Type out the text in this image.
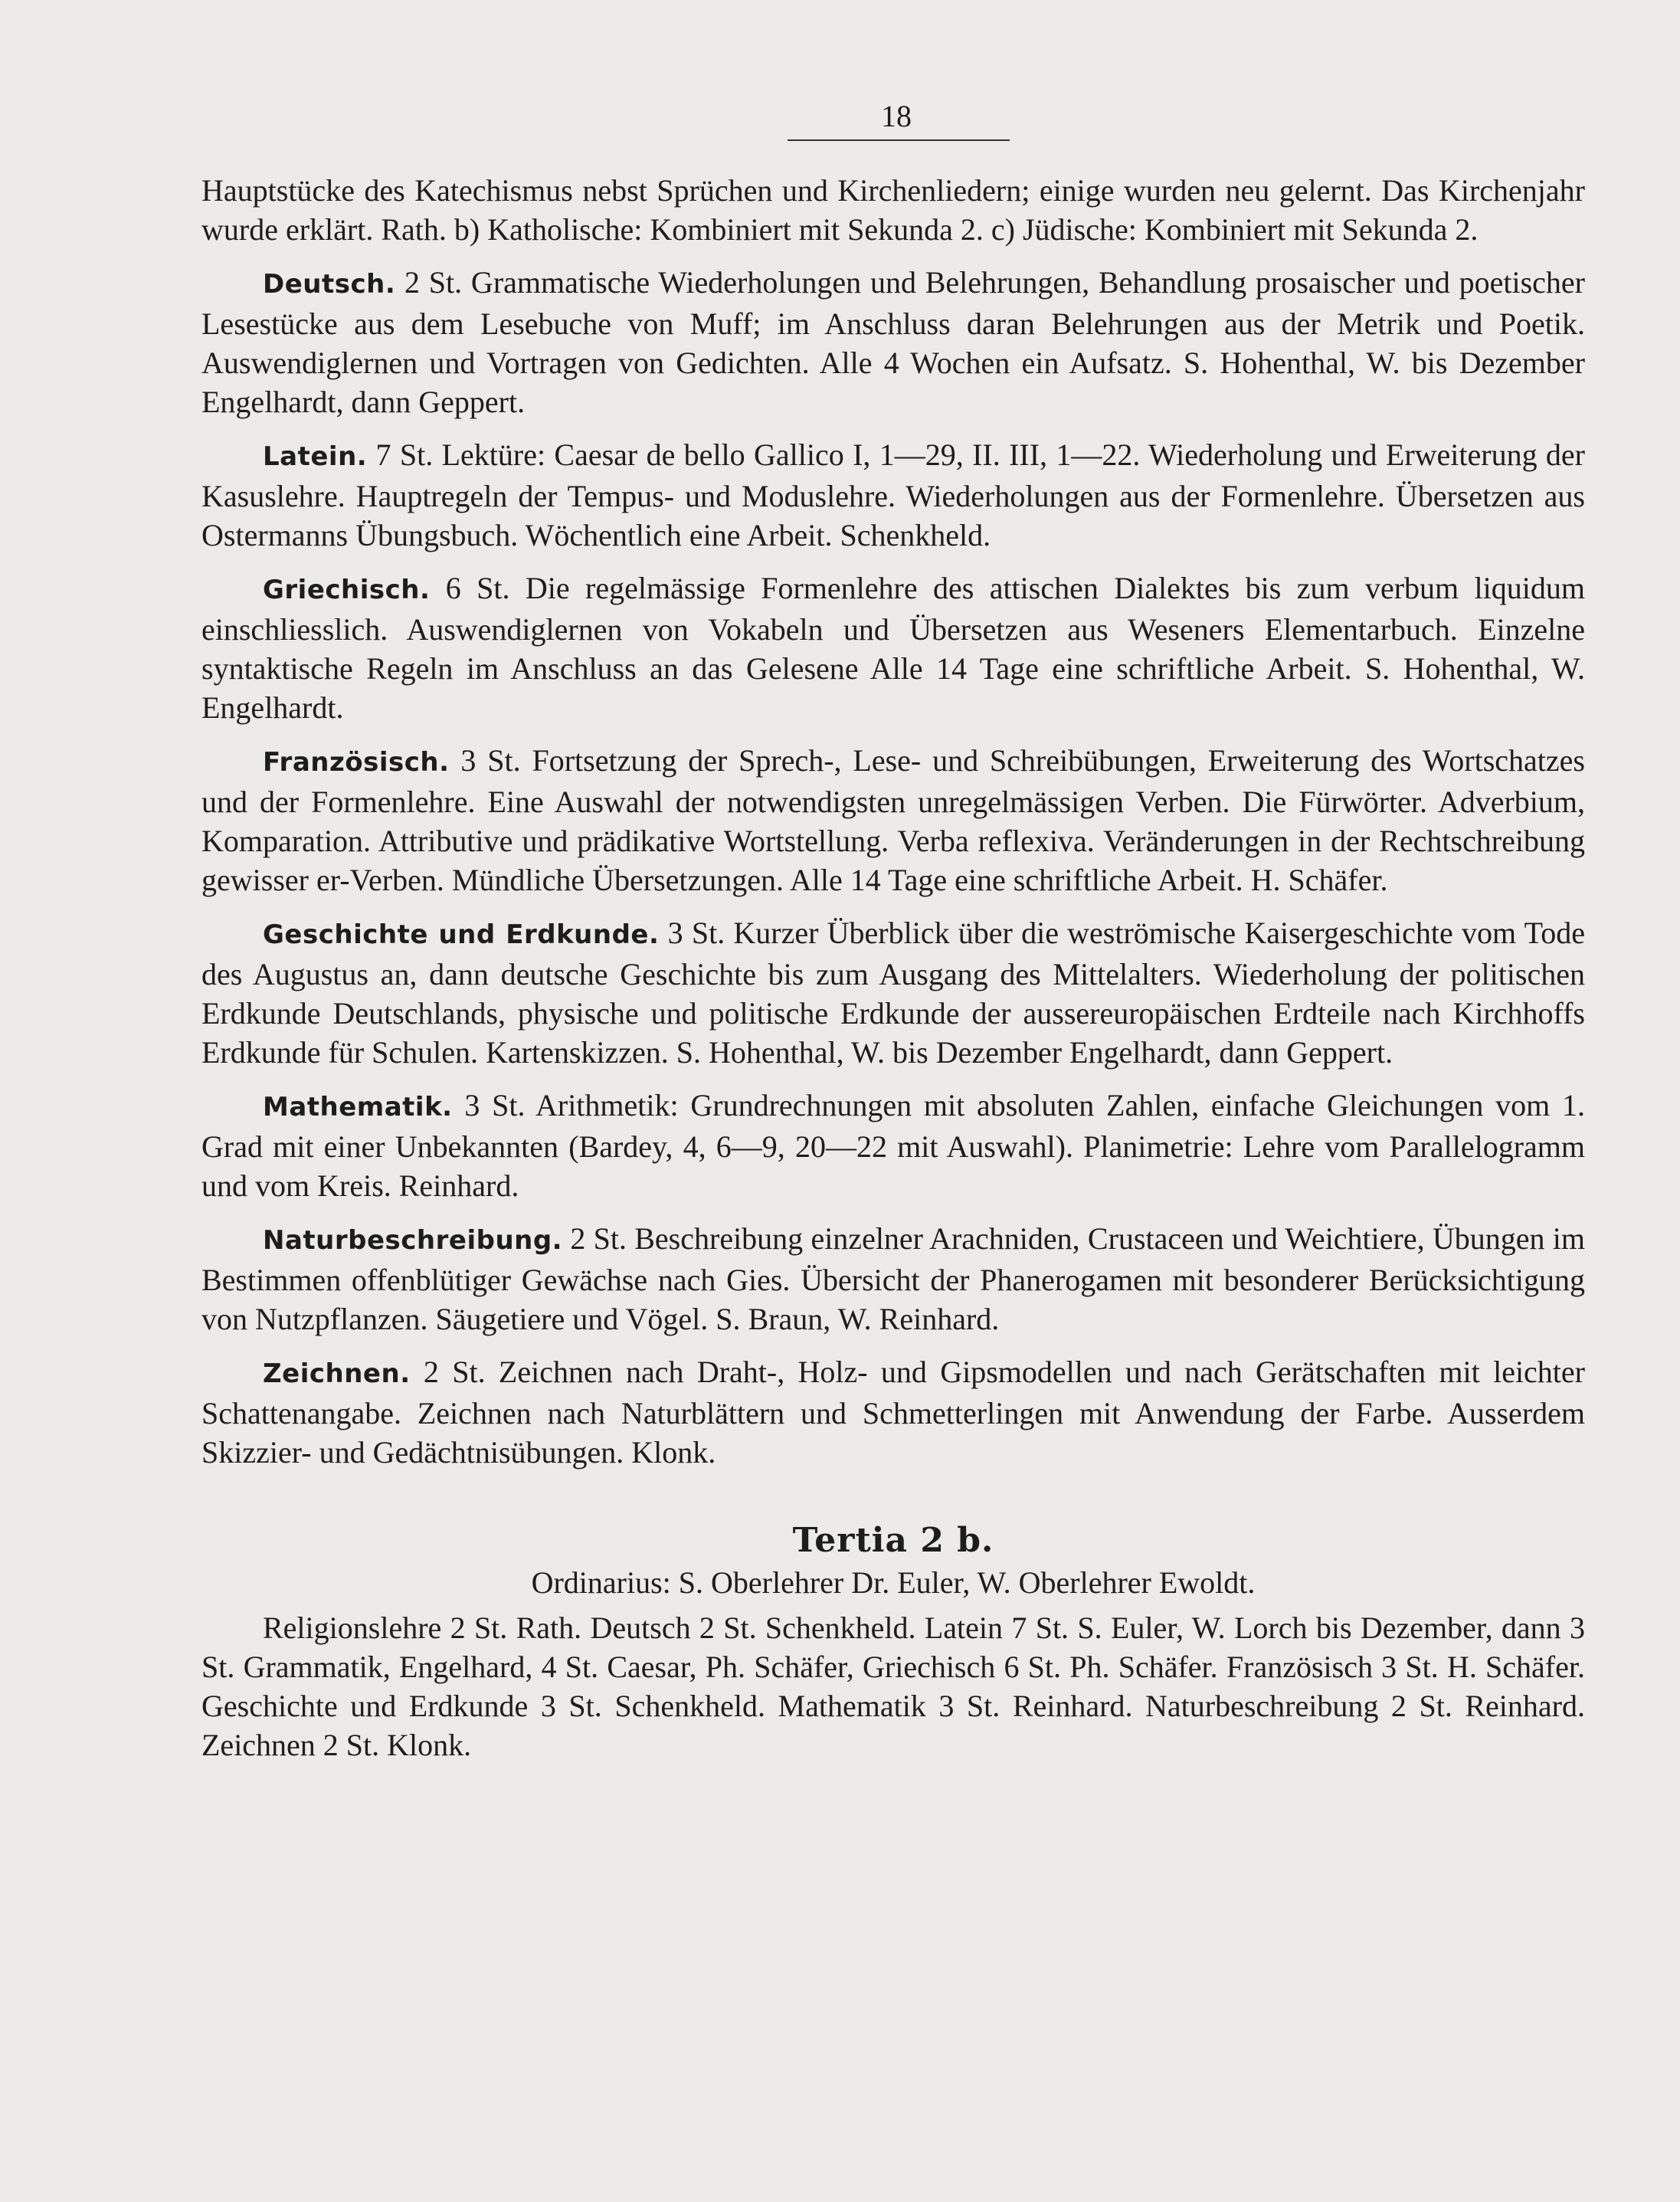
18

Hauptstücke des Katechismus nebst Sprüchen und Kirchenliedern; einige wurden neu gelernt. Das Kirchenjahr wurde erklärt. Rath. b) Katholische: Kombiniert mit Sekunda 2. c) Jüdische: Kombiniert mit Sekunda 2.

Deutsch. 2 St. Grammatische Wiederholungen und Belehrungen, Behandlung prosaischer und poetischer Lesestücke aus dem Lesebuche von Muff; im Anschluss daran Belehrungen aus der Metrik und Poetik. Auswendiglernen und Vortragen von Gedichten. Alle 4 Wochen ein Aufsatz. S. Hohenthal, W. bis Dezember Engelhardt, dann Geppert.

Latein. 7 St. Lektüre: Caesar de bello Gallico I, 1—29, II. III, 1—22. Wiederholung und Erweiterung der Kasuslehre. Hauptregeln der Tempus- und Moduslehre. Wiederholungen aus der Formenlehre. Übersetzen aus Ostermanns Übungsbuch. Wöchentlich eine Arbeit. Schenkheld.

Griechisch. 6 St. Die regelmässige Formenlehre des attischen Dialektes bis zum verbum liquidum einschliesslich. Auswendiglernen von Vokabeln und Übersetzen aus Weseners Elementarbuch. Einzelne syntaktische Regeln im Anschluss an das Gelesene Alle 14 Tage eine schriftliche Arbeit. S. Hohenthal, W. Engelhardt.

Französisch. 3 St. Fortsetzung der Sprech-, Lese- und Schreibübungen, Erweiterung des Wortschatzes und der Formenlehre. Eine Auswahl der notwendigsten unregelmässigen Verben. Die Fürwörter. Adverbium, Komparation. Attributive und prädikative Wortstellung. Verba reflexiva. Veränderungen in der Rechtschreibung gewisser er-Verben. Mündliche Übersetzungen. Alle 14 Tage eine schriftliche Arbeit. H. Schäfer.

Geschichte und Erdkunde. 3 St. Kurzer Überblick über die weströmische Kaisergeschichte vom Tode des Augustus an, dann deutsche Geschichte bis zum Ausgang des Mittelalters. Wiederholung der politischen Erdkunde Deutschlands, physische und politische Erdkunde der aussereuropäischen Erdteile nach Kirchhoffs Erdkunde für Schulen. Kartenskizzen. S. Hohenthal, W. bis Dezember Engelhardt, dann Geppert.

Mathematik. 3 St. Arithmetik: Grundrechnungen mit absoluten Zahlen, einfache Gleichungen vom 1. Grad mit einer Unbekannten (Bardey, 4, 6—9, 20—22 mit Auswahl). Planimetrie: Lehre vom Parallelogramm und vom Kreis. Reinhard.

Naturbeschreibung. 2 St. Beschreibung einzelner Arachniden, Crustaceen und Weichtiere, Übungen im Bestimmen offenblütiger Gewächse nach Gies. Übersicht der Phanerogamen mit besonderer Berücksichtigung von Nutzpflanzen. Säugetiere und Vögel. S. Braun, W. Reinhard.

Zeichnen. 2 St. Zeichnen nach Draht-, Holz- und Gipsmodellen und nach Gerätschaften mit leichter Schattenangabe. Zeichnen nach Naturblättern und Schmetterlingen mit Anwendung der Farbe. Ausserdem Skizzier- und Gedächtnisübungen. Klonk.

Tertia 2 b.
Ordinarius: S. Oberlehrer Dr. Euler, W. Oberlehrer Ewoldt.

Religionslehre 2 St. Rath. Deutsch 2 St. Schenkheld. Latein 7 St. S. Euler, W. Lorch bis Dezember, dann 3 St. Grammatik, Engelhard, 4 St. Caesar, Ph. Schäfer, Griechisch 6 St. Ph. Schäfer. Französisch 3 St. H. Schäfer. Geschichte und Erdkunde 3 St. Schenkheld. Mathematik 3 St. Reinhard. Naturbeschreibung 2 St. Reinhard. Zeichnen 2 St. Klonk.
